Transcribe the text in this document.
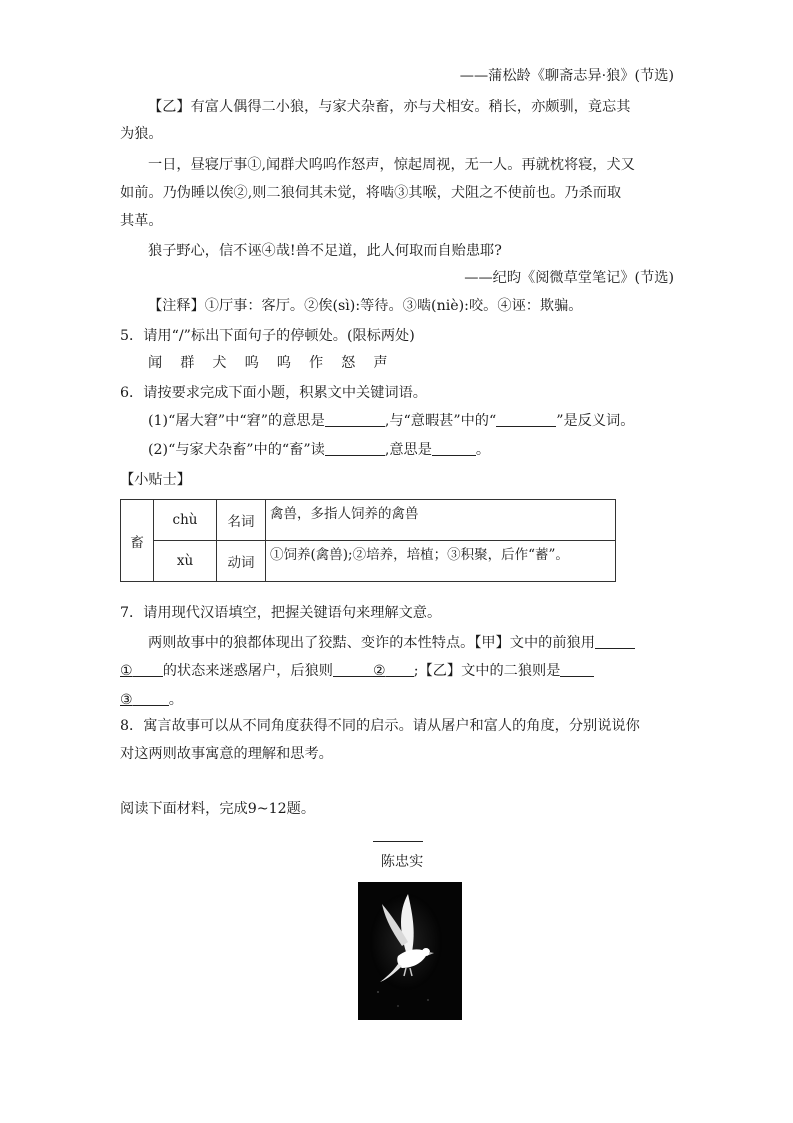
——蒲松龄《聊斋志异·狼》(节选)
【乙】有富人偶得二小狼，与家犬杂畜，亦与犬相安。稍长，亦颇驯，竟忘其
为狼。
一日，昼寝厅事①,闻群犬呜呜作怒声，惊起周视，无一人。再就枕将寝，犬又
如前。乃伪睡以俟②,则二狼伺其未觉，将啮③其喉，犬阻之不使前也。乃杀而取
其革。
狼子野心，信不诬④哉!兽不足道，此人何取而自贻患耶?
——纪昀《阅微草堂笔记》(节选)
【注释】①厅事：客厅。②俟(sì):等待。③啮(niè):咬。④诬：欺骗。
5．请用“/”标出下面句子的停顿处。(限标两处)
闻群犬呜呜作怒声
6．请按要求完成下面小题，积累文中关键词语。
(1)“屠大窘”中“窘”的意思是	,与“意暇甚”中的“	”是反义词。
(2)“与家犬杂畜”中的“畜”读	,意思是	。
【小贴士】
畜	chù	名词	禽兽，多指人饲养的禽兽
	xù	动词	①饲养(禽兽);②培养，培植；③积聚，后作“蓄”。
7．请用现代汉语填空，把握关键语句来理解文意。
两则故事中的狼都体现出了狡黠、变诈的本性特点。【甲】文中的前狼用
① 的状态来迷惑屠户，后狼则	② ;【乙】文中的二狼则是
③	。
8．寓言故事可以从不同角度获得不同的启示。请从屠户和富人的角度，分别说说你
对这两则故事寓意的理解和思考。
阅读下面材料，完成9~12题。
陈忠实
